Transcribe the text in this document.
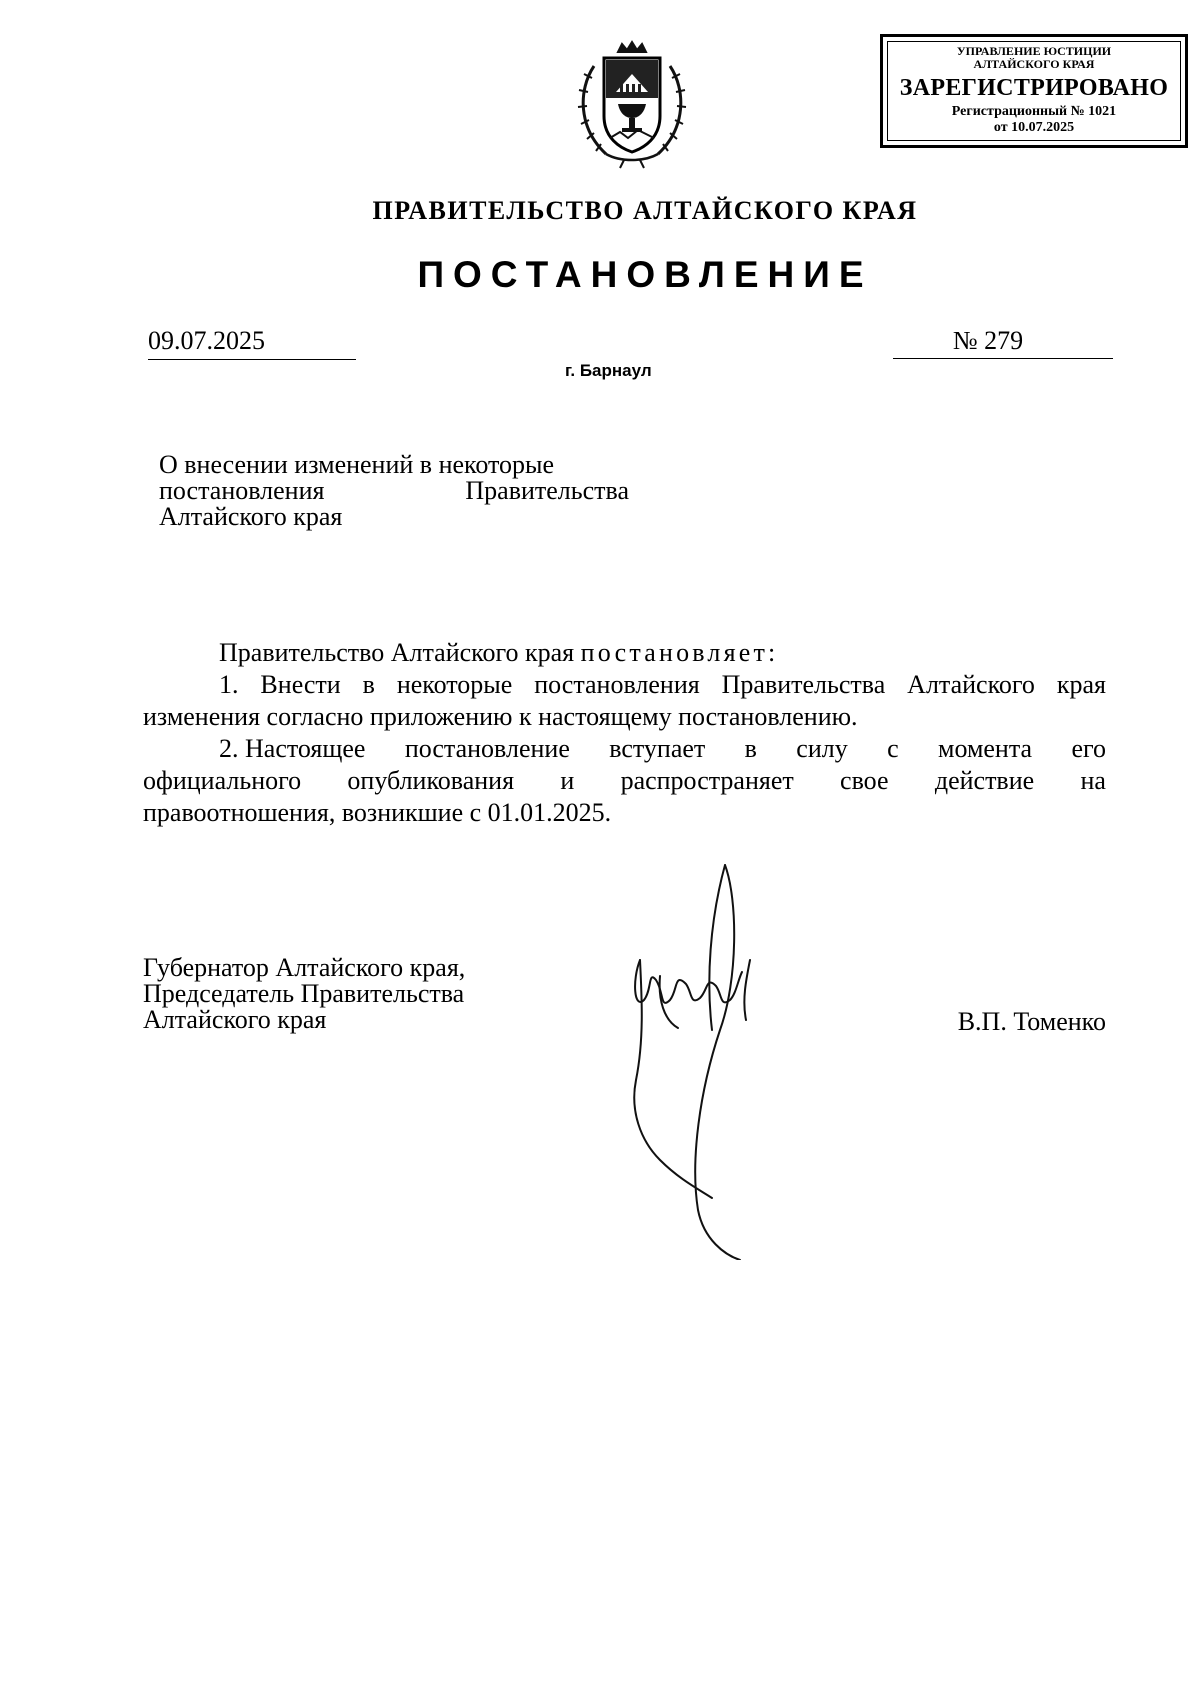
УПРАВЛЕНИЕ ЮСТИЦИИ АЛТАЙСКОГО КРАЯ
ЗАРЕГИСТРИРОВАНО
Регистрационный № 1021
от 10.07.2025
ПРАВИТЕЛЬСТВО АЛТАЙСКОГО КРАЯ
ПОСТАНОВЛЕНИЕ
09.07.2025	№ 279
г. Барнаул
О внесении изменений в некоторые
постановления	Правительства
Алтайского края
Правительство Алтайского края постановляет:
1. Внести в некоторые постановления Правительства Алтайского края изменения согласно приложению к настоящему постановлению.
2. Настоящее постановление вступает в силу с момента его
официального опубликования и распространяет свое действие на
правоотношения, возникшие с 01.01.2025.
Губернатор Алтайского края,
Председатель Правительства
Алтайского края	В.П. Томенко
